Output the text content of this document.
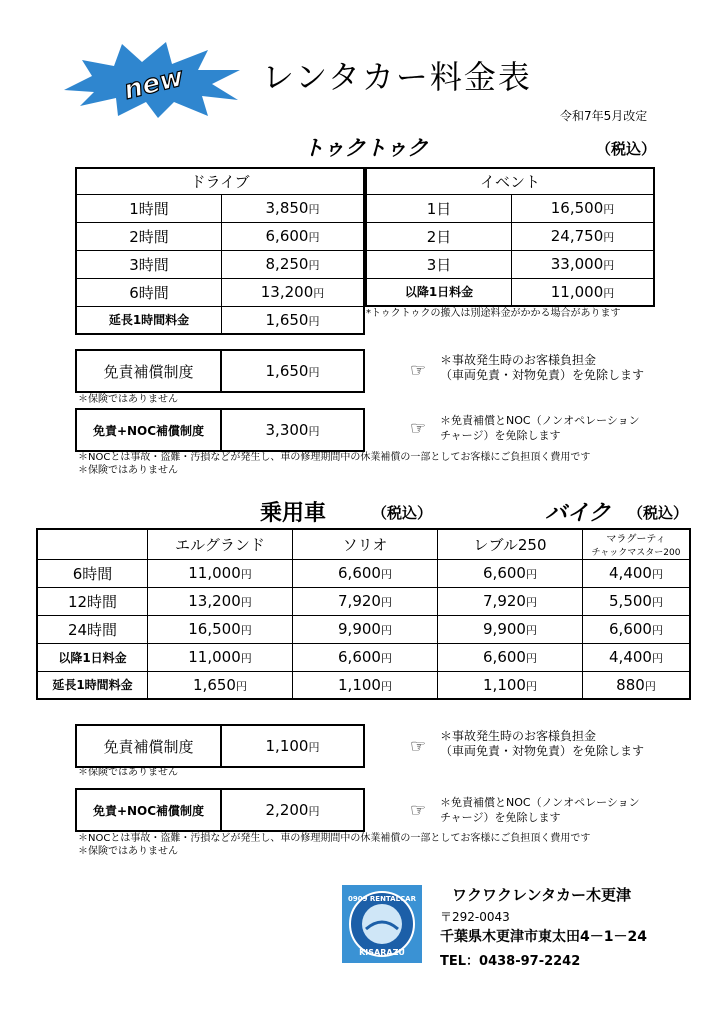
new レンタカー料金表
令和7年5月改定
トゥクトゥク	（税込）
ドライブ	
1時間	3,850 円
2時間	6,600 円
3時間	8,250 円
6時間	13,200 円
延長1時間料金	1,650 円
イベント	
1日	16,500 円
2日	24,750 円
3日	33,000 円
以降1日料金	11,000 円
*トゥクトゥクの搬入は別途料金がかかる場合があります
免責補償制度	1,650 円
＊保険ではありません
☞ ＊事故発生時のお客様負担金
（車両免責・対物免責）を免除します
免責+NOC補償制度	3,300 円	☞ ＊免責補償とNOC（ノンオペレーション
チャージ）を免除します
＊NOCとは事故・盗難・汚損などが発生し、車の修理期間中の休業補償の一部としてお客様にご負担頂く費用です
＊保険ではありません
乗用車	（税込）	バイク （税込）
	エルグランド	ソリオ	レブル250	マラグーティ
チャックマスター200

6時間	11,000 円	6,600 円	6,600 円	4,400 円
12時間	13,200 円	7,920 円	7,920 円	5,500 円
24時間	16,500 円	9,900 円	9,900 円	6,600 円
以降1日料金	11,000 円	6,600 円	6,600 円	4,400 円
延長1時間料金	1,650 円	1,100 円	1,100 円	880 円
免責補償制度	1,100 円
＊保険ではありません
☞ ＊事故発生時のお客様負担金
（車両免責・対物免責）を免除します
免責+NOC補償制度	2,200 円	☞ ＊免責補償とNOC（ノンオペレーション
チャージ）を免除します
＊NOCとは事故・盗難・汚損などが発生し、車の修理期間中の休業補償の一部としてお客様にご負担頂く費用です
＊保険ではありません
0909 RENTALCAR
KISARAZU
ワクワクレンタカー木更津
〒292-0043
千葉県木更津市東太田4－1－24
TEL：0438-97-2242
